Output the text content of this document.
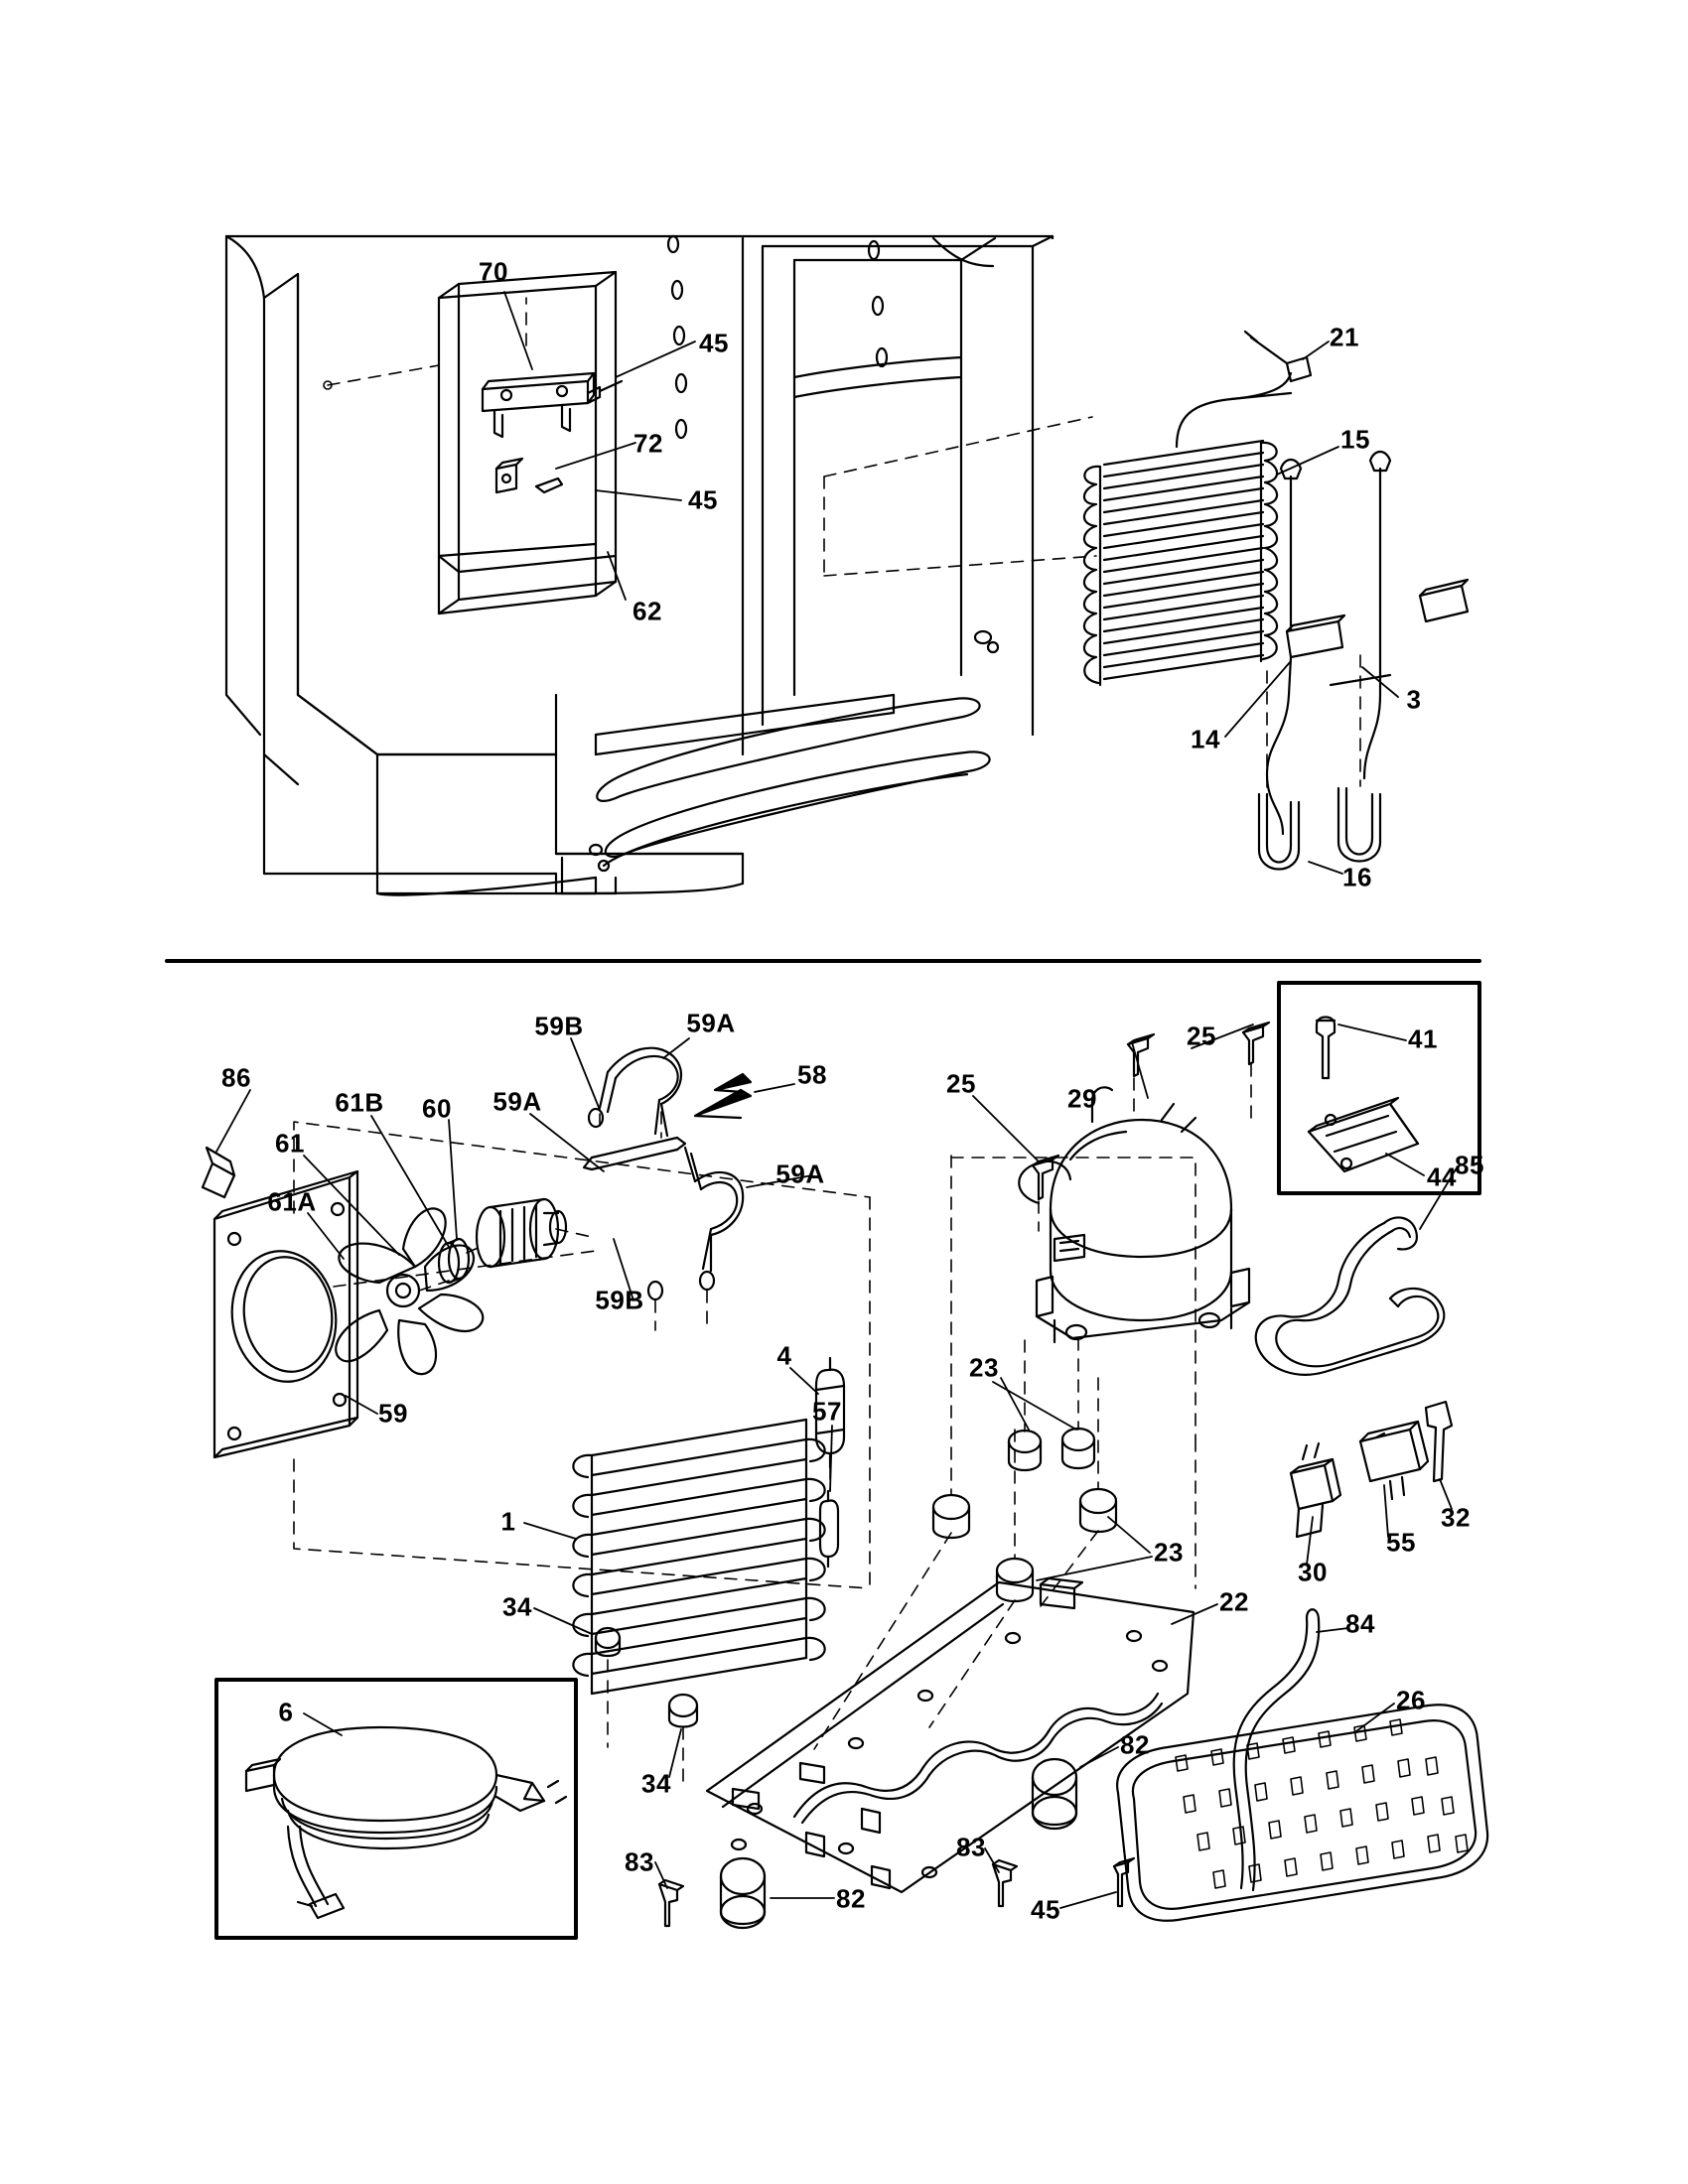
70
45
72
45
62
21
15
3
14
16
59B	59A
58
25
86
61B 60 59A
25	29
41
61
59A	44
61A
85
59B
59
4
57
23
55
32
30
1
23
34	22
84
26
6
34
82
83	83
82	45
